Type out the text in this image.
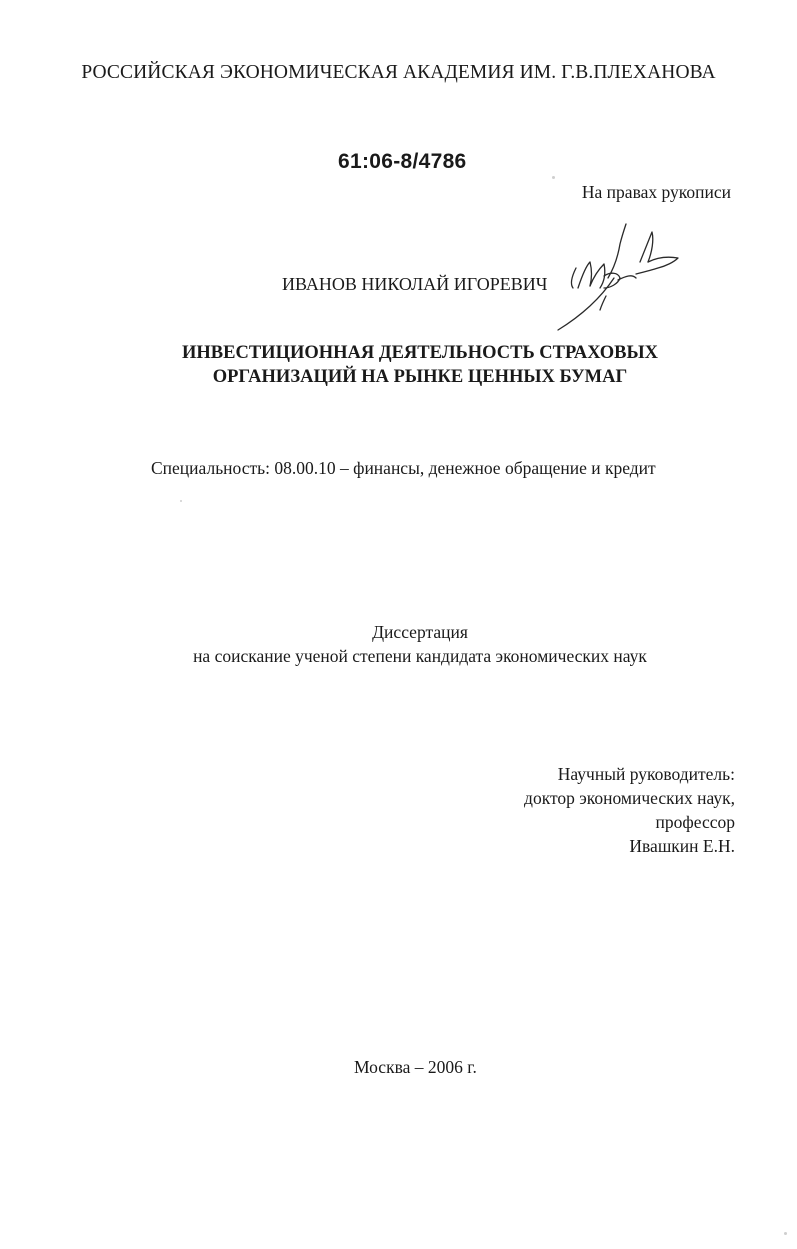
РОССИЙСКАЯ ЭКОНОМИЧЕСКАЯ АКАДЕМИЯ ИМ. Г.В.ПЛЕХАНОВА
61:06-8/4786
На правах рукописи
ИВАНОВ НИКОЛАЙ ИГОРЕВИЧ
ИНВЕСТИЦИОННАЯ ДЕЯТЕЛЬНОСТЬ СТРАХОВЫХ
ОРГАНИЗАЦИЙ НА РЫНКЕ ЦЕННЫХ БУМАГ
Специальность: 08.00.10 – финансы, денежное обращение и кредит
Диссертация
на соискание ученой степени кандидата экономических наук
Научный руководитель:
доктор экономических наук,
профессор
Ивашкин Е.Н.
Москва – 2006 г.
